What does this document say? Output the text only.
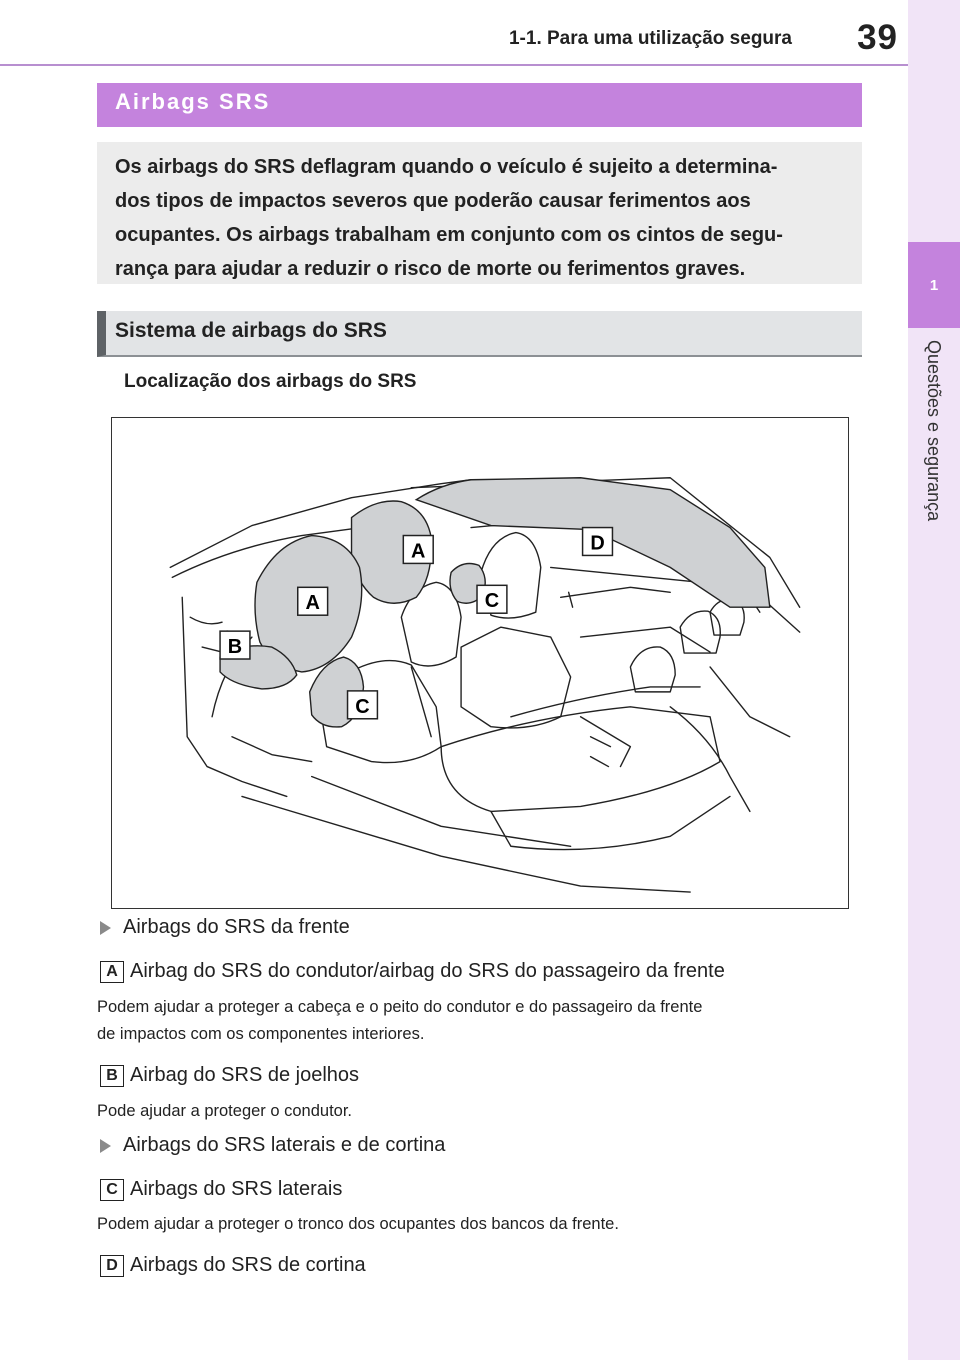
1-1. Para uma utilização segura	39
1
Questões e segurança
Airbags SRS
Os airbags do SRS deflagram quando o veículo é sujeito a determina-
dos tipos de impactos severos que poderão causar ferimentos aos
ocupantes. Os airbags trabalham em conjunto com os cintos de segu-
rança para ajudar a reduzir o risco de morte ou ferimentos graves.
Sistema de airbags do SRS
Localização dos airbags do SRS
A
A
B
C
C
D
Airbags do SRS da frente
A Airbag do SRS do condutor/airbag do SRS do passageiro da frente
Podem ajudar a proteger a cabeça e o peito do condutor e do passageiro da frente
de impactos com os componentes interiores.
B Airbag do SRS de joelhos
Pode ajudar a proteger o condutor.
Airbags do SRS laterais e de cortina
C Airbags do SRS laterais
Podem ajudar a proteger o tronco dos ocupantes dos bancos da frente.
D Airbags do SRS de cortina
